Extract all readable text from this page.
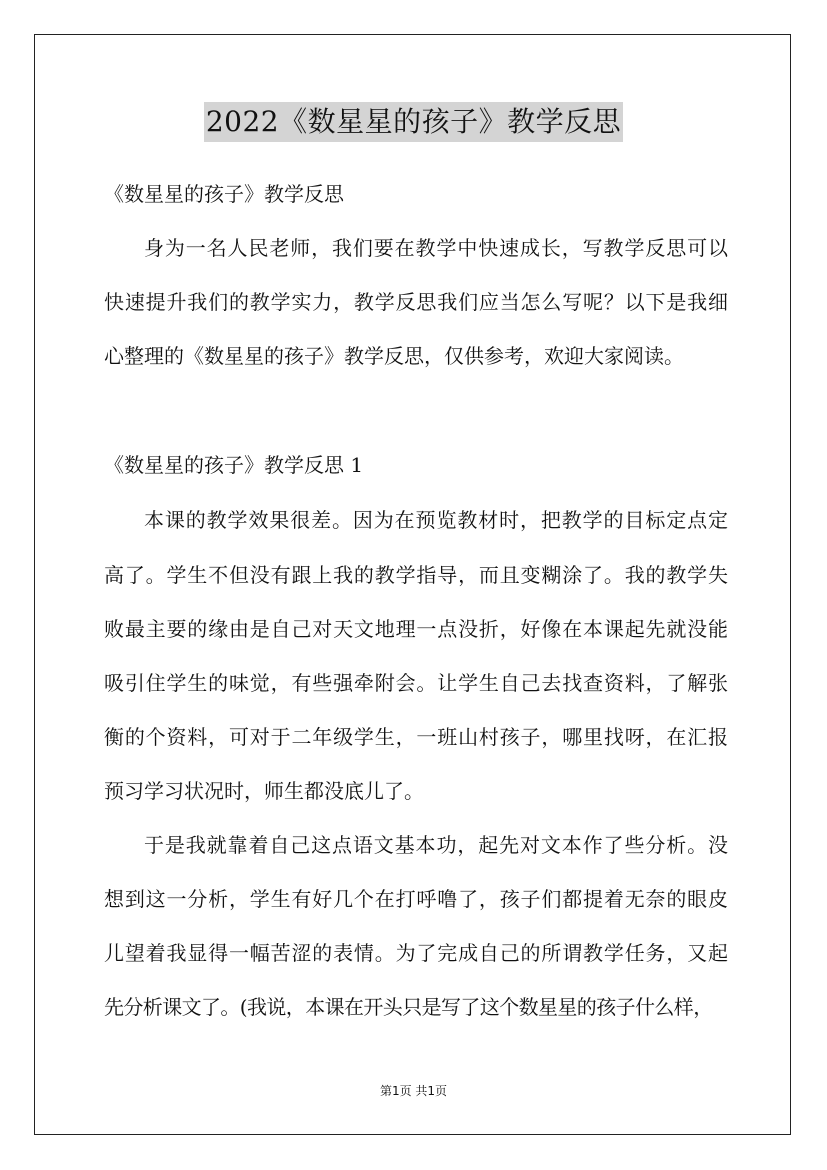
2022《数星星的孩子》教学反思
《数星星的孩子》教学反思
身为一名人民老师，我们要在教学中快速成长，写教学反思可以
快速提升我们的教学实力，教学反思我们应当怎么写呢？以下是我细
心整理的《数星星的孩子》教学反思，仅供参考，欢迎大家阅读。
《数星星的孩子》教学反思 1
本课的教学效果很差。因为在预览教材时，把教学的目标定点定
高了。学生不但没有跟上我的教学指导，而且变糊涂了。我的教学失
败最主要的缘由是自己对天文地理一点没折，好像在本课起先就没能
吸引住学生的味觉，有些强牵附会。让学生自己去找查资料，了解张
衡的个资料，可对于二年级学生，一班山村孩子，哪里找呀，在汇报
预习学习状况时，师生都没底儿了。
于是我就靠着自己这点语文基本功，起先对文本作了些分析。没
想到这一分析，学生有好几个在打呼噜了，孩子们都提着无奈的眼皮
儿望着我显得一幅苦涩的表情。为了完成自己的所谓教学任务，又起
先分析课文了。(我说，本课在开头只是写了这个数星星的孩子什么样，
第1页 共1页
